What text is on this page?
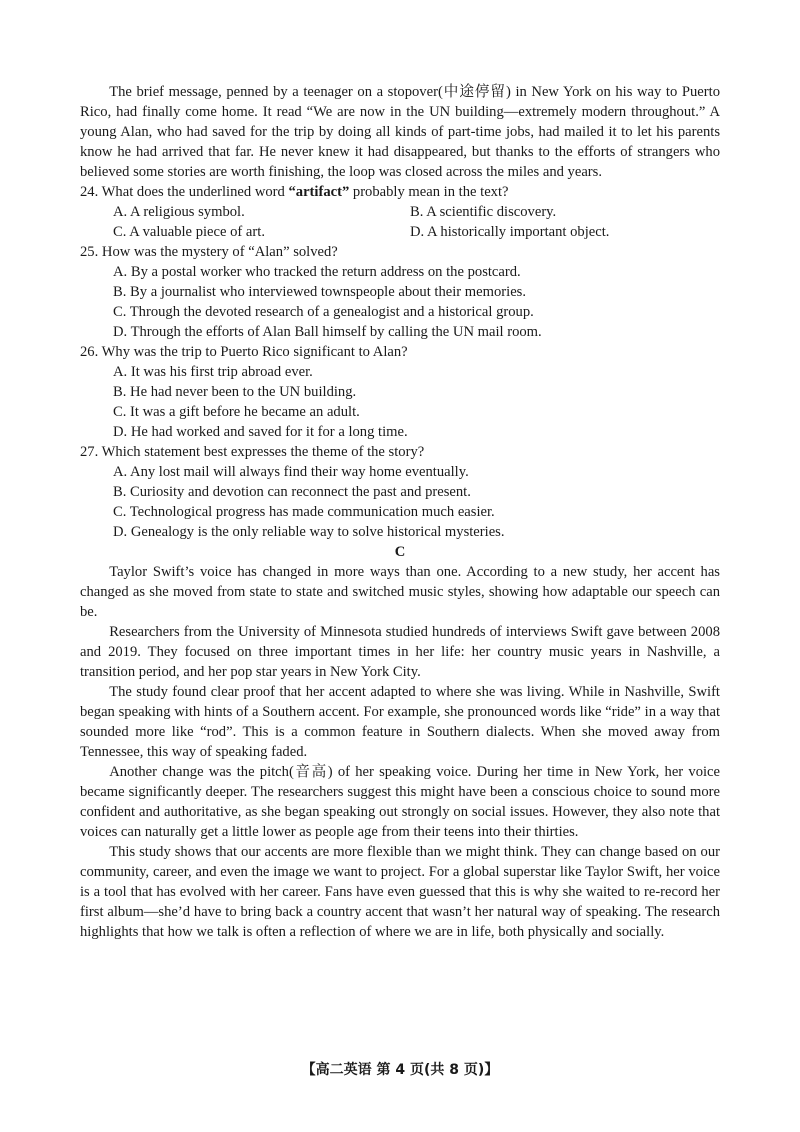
The brief message, penned by a teenager on a stopover(中途停留) in New York on his way to Puerto Rico, had finally come home. It read “We are now in the UN building—extremely modern throughout.” A young Alan, who had saved for the trip by doing all kinds of part-time jobs, had mailed it to let his parents know he had arrived that far. He never knew it had disappeared, but thanks to the efforts of strangers who believed some stories are worth finishing, the loop was closed across the miles and years.

24. What does the underlined word “artifact” probably mean in the text?

A. A religious symbol.	B. A scientific discovery.

C. A valuable piece of art.	D. A historically important object.

25. How was the mystery of “Alan” solved?

A. By a postal worker who tracked the return address on the postcard.

B. By a journalist who interviewed townspeople about their memories.

C. Through the devoted research of a genealogist and a historical group.

D. Through the efforts of Alan Ball himself by calling the UN mail room.

26. Why was the trip to Puerto Rico significant to Alan?

A. It was his first trip abroad ever.

B. He had never been to the UN building.

C. It was a gift before he became an adult.

D. He had worked and saved for it for a long time.

27. Which statement best expresses the theme of the story?

A. Any lost mail will always find their way home eventually.

B. Curiosity and devotion can reconnect the past and present.

C. Technological progress has made communication much easier.

D. Genealogy is the only reliable way to solve historical mysteries.

C

Taylor Swift’s voice has changed in more ways than one. According to a new study, her accent has changed as she moved from state to state and switched music styles, showing how adaptable our speech can be.

Researchers from the University of Minnesota studied hundreds of interviews Swift gave between 2008 and 2019. They focused on three important times in her life: her country music years in Nashville, a transition period, and her pop star years in New York City.

The study found clear proof that her accent adapted to where she was living. While in Nashville, Swift began speaking with hints of a Southern accent. For example, she pronounced words like “ride” in a way that sounded more like “rod”. This is a common feature in Southern dialects. When she moved away from Tennessee, this way of speaking faded.

Another change was the pitch(音高) of her speaking voice. During her time in New York, her voice became significantly deeper. The researchers suggest this might have been a conscious choice to sound more confident and authoritative, as she began speaking out strongly on social issues. However, they also note that voices can naturally get a little lower as people age from their teens into their thirties.

This study shows that our accents are more flexible than we might think. They can change based on our community, career, and even the image we want to project. For a global superstar like Taylor Swift, her voice is a tool that has evolved with her career. Fans have even guessed that this is why she waited to re-record her first album—she’d have to bring back a country accent that wasn’t her natural way of speaking. The research highlights that how we talk is often a reflection of where we are in life, both physically and socially.

【高二英语 第 4 页(共 8 页)】
